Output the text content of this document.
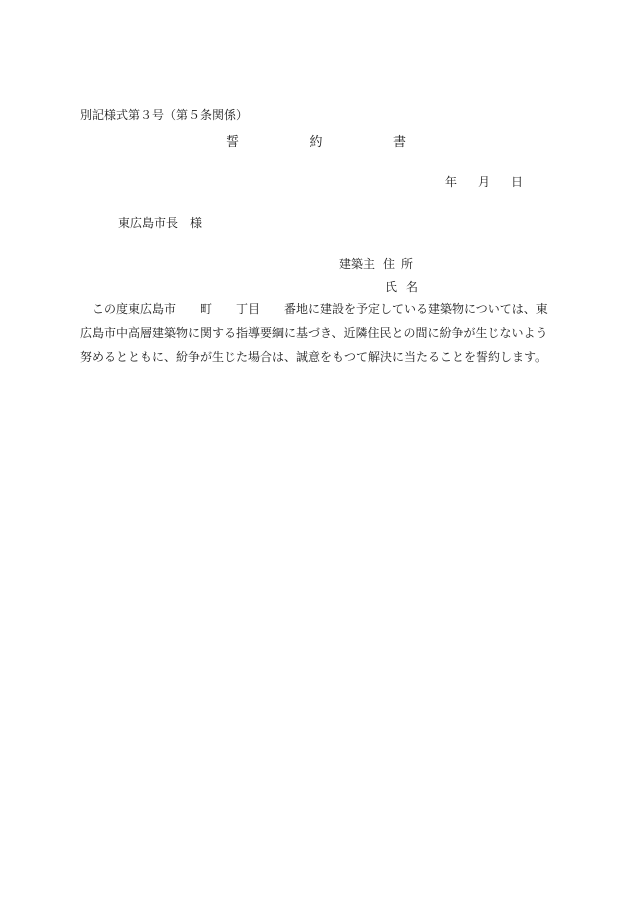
別記様式第３号（第５条関係）
誓	約	書
年 月 日
東広島市長 様
建築主 住所
氏名

この度東広島市　　町　　丁目　　番地に建設を予定している建築物については、東広島市中高層建築物に関する指導要綱に基づき、近隣住民との間に紛争が生じないよう努めるとともに、紛争が生じた場合は、誠意をもつて解決に当たることを誓約します。
